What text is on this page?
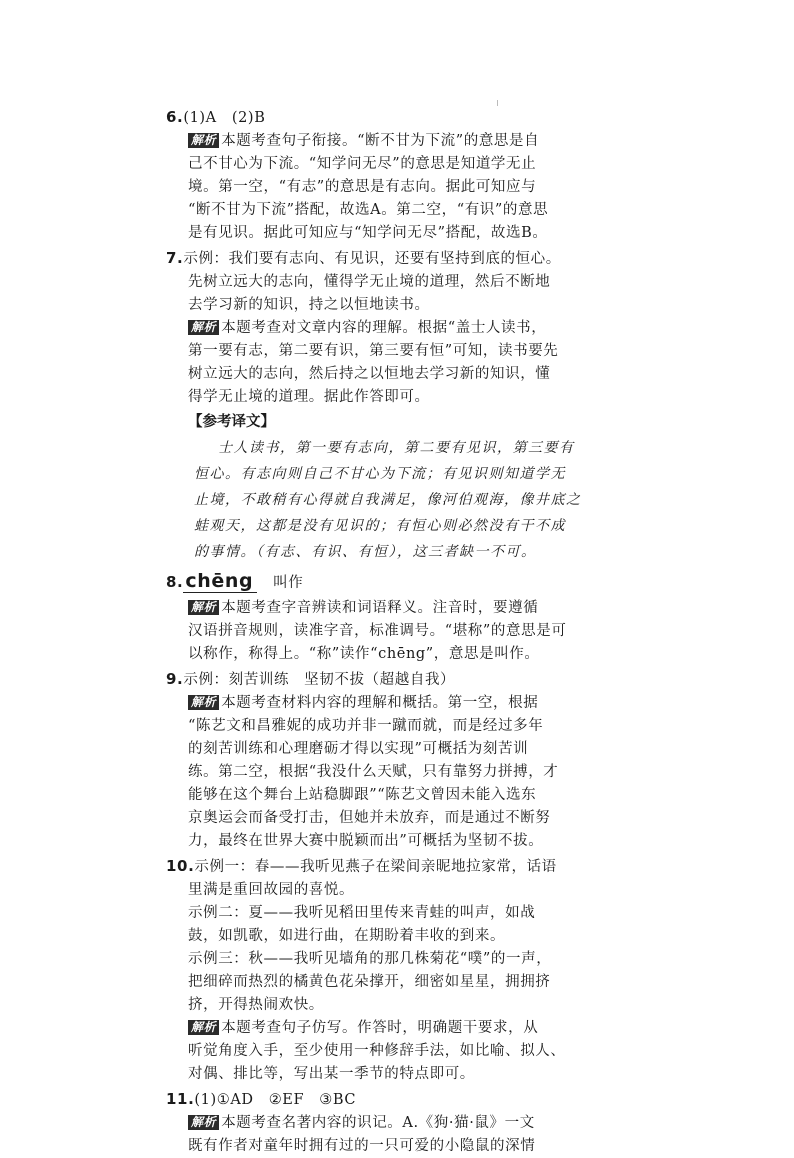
6.(1)A　(2)B
解析 本题考查句子衔接。“断不甘为下流”的意思是自
己不甘心为下流。“知学问无尽”的意思是知道学无止
境。第一空，“有志”的意思是有志向。据此可知应与
“断不甘为下流”搭配，故选A。第二空，“有识”的意思
是有见识。据此可知应与“知学问无尽”搭配，故选B。
7.示例：我们要有志向、有见识，还要有坚持到底的恒心。
先树立远大的志向，懂得学无止境的道理，然后不断地
去学习新的知识，持之以恒地读书。
解析 本题考查对文章内容的理解。根据“盖士人读书，
第一要有志，第二要有识，第三要有恒”可知，读书要先
树立远大的志向，然后持之以恒地去学习新的知识，懂
得学无止境的道理。据此作答即可。
【参考译文】
士人读书，第一要有志向，第二要有见识，第三要有
恒心。有志向则自己不甘心为下流；有见识则知道学无
止境，不敢稍有心得就自我满足，像河伯观海，像井底之
蛙观天，这都是没有见识的；有恒心则必然没有干不成
的事情。（有志、有识、有恒），这三者缺一不可。
8. chēng 叫作
解析 本题考查字音辨读和词语释义。注音时，要遵循
汉语拼音规则，读准字音，标准调号。“堪称”的意思是可
以称作，称得上。“称”读作“chēng”，意思是叫作。
9.示例：刻苦训练　坚韧不拔（超越自我）
解析 本题考查材料内容的理解和概括。第一空，根据
“陈艺文和昌雅妮的成功并非一蹴而就，而是经过多年
的刻苦训练和心理磨砺才得以实现”可概括为刻苦训
练。第二空，根据“我没什么天赋，只有靠努力拼搏，才
能够在这个舞台上站稳脚跟”“陈艺文曾因未能入选东
京奥运会而备受打击，但她并未放弃，而是通过不断努
力，最终在世界大赛中脱颖而出”可概括为坚韧不拔。
10.示例一：春——我听见燕子在梁间亲昵地拉家常，话语
里满是重回故园的喜悦。
示例二：夏——我听见稻田里传来青蛙的叫声，如战
鼓，如凯歌，如进行曲，在期盼着丰收的到来。
示例三：秋——我听见墙角的那几株菊花“噗”的一声，
把细碎而热烈的橘黄色花朵撑开，细密如星星，拥拥挤
挤，开得热闹欢快。
解析 本题考查句子仿写。作答时，明确题干要求，从
听觉角度入手，至少使用一种修辞手法，如比喻、拟人、
对偶、排比等，写出某一季节的特点即可。
11.(1)①AD　②EF　③BC
解析 本题考查名著内容的识记。A.《狗·猫·鼠》一文
既有作者对童年时拥有过的一只可爱的小隐鼠的深情
